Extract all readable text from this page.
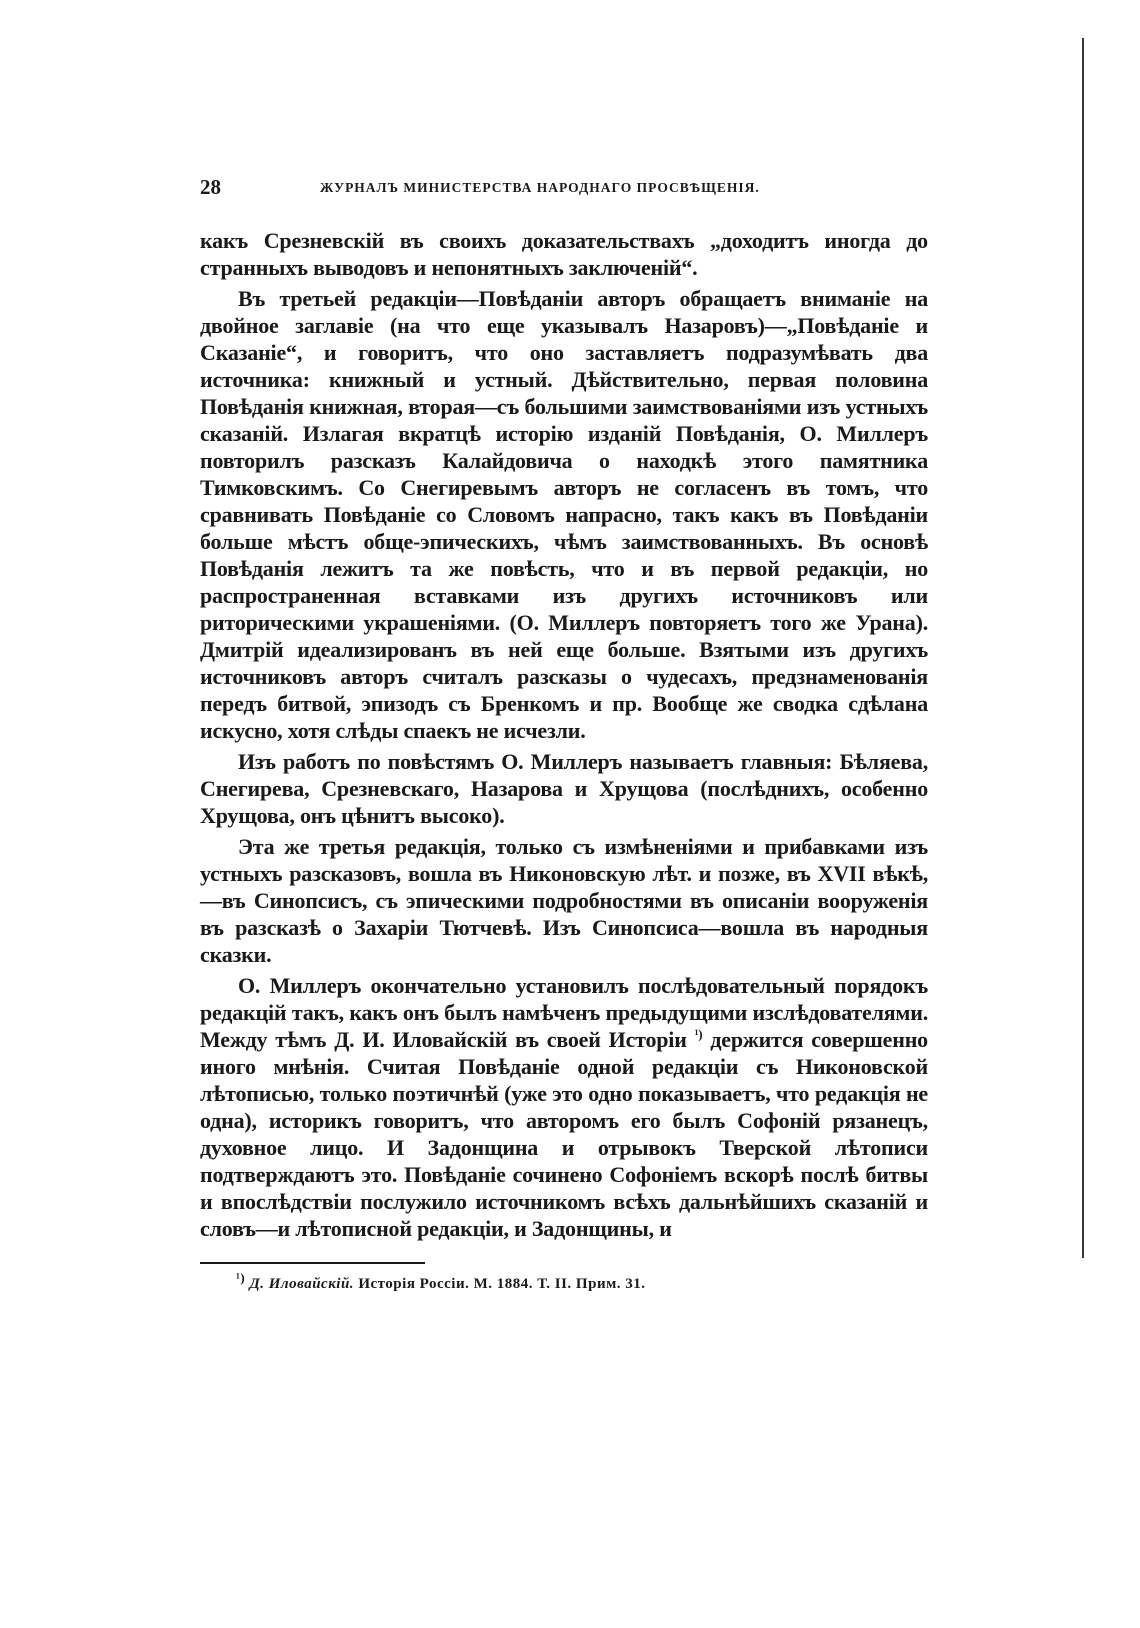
28	ЖУРНАЛЪ МИНИСТЕРСТВА НАРОДНАГО ПРОСВѢЩЕНІЯ.

какъ Срезневскій въ своихъ доказательствахъ „доходитъ иногда до странныхъ выводовъ и непонятныхъ заключеній“.

Въ третьей редакціи—Повѣданіи авторъ обращаетъ вниманіе на двойное заглавіе (на что еще указывалъ Назаровъ)—„Повѣданіе и Сказаніе“, и говоритъ, что оно заставляетъ подразумѣвать два источника: книжный и устный. Дѣйствительно, первая половина Повѣданія книжная, вторая—съ большими заимствованіями изъ устныхъ сказаній. Излагая вкратцѣ исторію изданій Повѣданія, О. Миллеръ повторилъ разсказъ Калайдовича о находкѣ этого памятника Тимковскимъ. Со Снегиревымъ авторъ не согласенъ въ томъ, что сравнивать Повѣданіе со Словомъ напрасно, такъ какъ въ Повѣданіи больше мѣстъ обще-эпическихъ, чѣмъ заимствованныхъ. Въ основѣ Повѣданія лежитъ та же повѣсть, что и въ первой редакціи, но распространенная вставками изъ другихъ источниковъ или риторическими украшеніями. (О. Миллеръ повторяетъ того же Урана). Дмитрій идеализированъ въ ней еще больше. Взятыми изъ другихъ источниковъ авторъ считалъ разсказы о чудесахъ, предзнаменованія передъ битвой, эпизодъ съ Бренкомъ и пр. Вообще же сводка сдѣлана искусно, хотя слѣды спаекъ не исчезли.

Изъ работъ по повѣстямъ О. Миллеръ называетъ главныя: Бѣляева, Снегирева, Срезневскаго, Назарова и Хрущова (послѣднихъ, особенно Хрущова, онъ цѣнитъ высоко).

Эта же третья редакція, только съ измѣненіями и прибавками изъ устныхъ разсказовъ, вошла въ Никоновскую лѣт. и позже, въ XVII вѣкѣ,—въ Синопсисъ, съ эпическими подробностями въ описаніи вооруженія въ разсказѣ о Захаріи Тютчевѣ. Изъ Синопсиса—вошла въ народныя сказки.

О. Миллеръ окончательно установилъ послѣдовательный порядокъ редакцій такъ, какъ онъ былъ намѣченъ предыдущими изслѣдователями. Между тѣмъ Д. И. Иловайскій въ своей Исторіи $^{^1)}$ держится совершенно иного мнѣнія. Считая Повѣданіе одной редакціи съ Никоновской лѣтописью, только поэтичнѣй (уже это одно показываетъ, что редакція не одна), историкъ говоритъ, что авторомъ его былъ Софоній рязанецъ, духовное лицо. И Задонщина и отрывокъ Тверской лѣтописи подтверждаютъ это. Повѣданіе сочинено Софоніемъ вскорѣ послѣ битвы и впослѣдствіи послужило источникомъ всѣхъ дальнѣйшихъ сказаній и словъ—и лѣтописной редакціи, и Задонщины, и

$^{^1)}$ Д. Иловайскій. Исторія Россіи. М. 1884. Т. II. Прим. 31.
